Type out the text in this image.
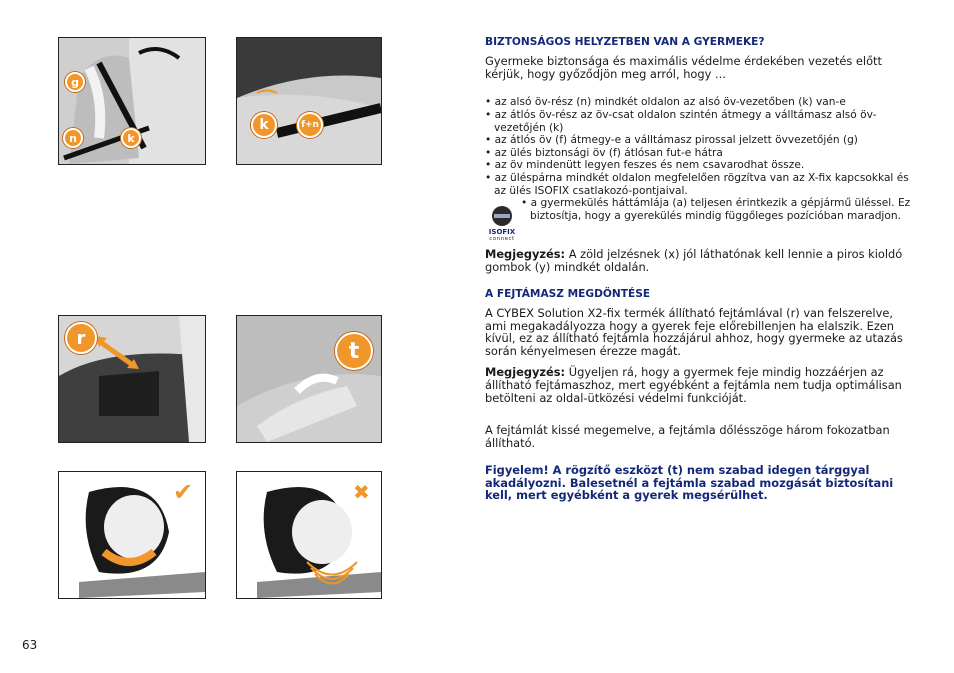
g
n	k
k	f+n
r
t
✔	✖

BIZTONSÁGOS HELYZETBEN VAN A GYERMEKE?

Gyermeke biztonsága és maximális védelme érdekében vezetés előtt kérjük, hogy győződjön meg arról, hogy ...

• az alsó öv-rész (n) mindkét oldalon az alsó öv-vezetőben (k) van-e
• az átlós öv-rész az öv-csat oldalon szintén átmegy a válltámasz alsó öv-vezetőjén (k)
• az átlós öv (f) átmegy-e a válltámasz pirossal jelzett övvezetőjén (g)
• az ülés biztonsági öv (f) átlósan fut-e hátra
• az öv mindenütt legyen feszes és nem csavarodhat össze.
• az üléspárna mindkét oldalon megfelelően rögzítva van az X-fix kapcsokkal és az ülés ISOFIX csatlakozó-pontjaival.
• a gyermekülés háttámlája (a) teljesen érintkezik a gépjármű üléssel. Ez biztosítja, hogy a gyerekülés mindig függőleges pozícióban maradjon.

Megjegyzés: A zöld jelzésnek (x) jól láthatónak kell lennie a piros kioldó gombok (y) mindkét oldalán.

A FEJTÁMASZ MEGDÖNTÉSE

A CYBEX Solution X2-fix termék állítható fejtámlával (r) van felszerelve, ami megakadályozza hogy a gyerek feje előrebillenjen ha elalszik. Ezen kívül, ez az állítható fejtámla hozzájárul ahhoz, hogy gyermeke az utazás során kényelmesen érezze magát.

Megjegyzés: Ügyeljen rá, hogy a gyermek feje mindig hozzáérjen az állítható fejtámaszhoz, mert egyébként a fejtámla nem tudja optimálisan betölteni az oldal-ütközési védelmi funkcióját.

A fejtámlát kissé megemelve, a fejtámla dőlésszöge három fokozatban állítható.

Figyelem! A rögzítő eszközt (t) nem szabad idegen tárggyal akadályozni. Balesetnél a fejtámla szabad mozgását biztosítani kell, mert egyébként a gyerek megsérülhet.

ISOFIX
connect
63
